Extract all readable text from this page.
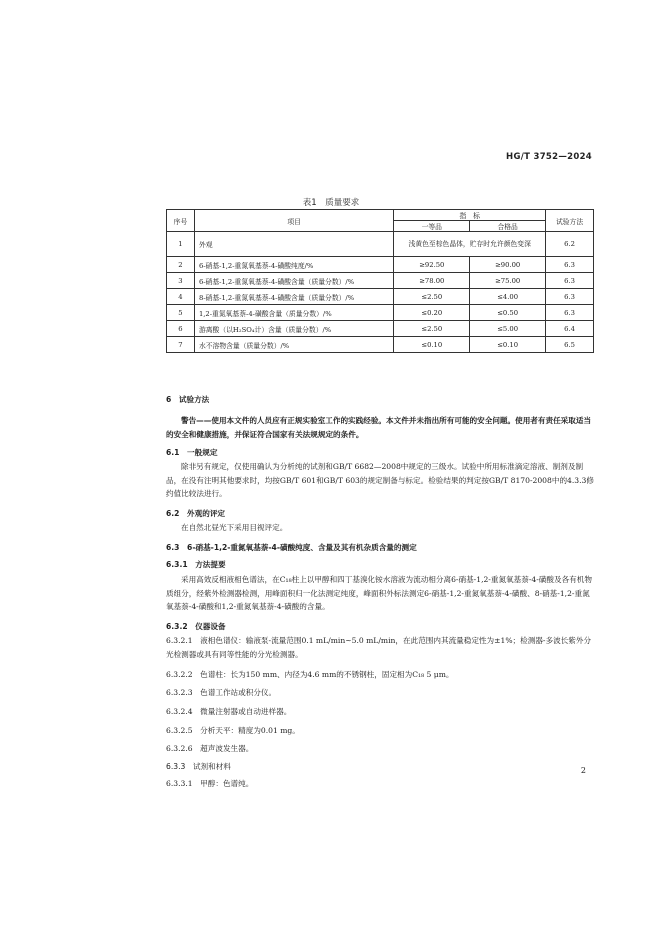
HG/T 3752—2024
表1　质量要求
序号	项目	指　标		试验方法
		一等品	合格品	
1	外观	浅黄色至棕色晶体，贮存时允许颜色变深		6.2
2	6-硝基-1,2-重氮氧基萘-4-磺酸纯度/%	≥92.50	≥90.00	6.3
3	6-硝基-1,2-重氮氧基萘-4-磺酸含量（质量分数）/%	≥78.00	≥75.00	6.3
4	8-硝基-1,2-重氮氧基萘-4-磺酸含量（质量分数）/%	≤2.50	≤4.00	6.3
5	1,2-重氮氧基萘-4-磺酸含量（质量分数）/%	≤0.20	≤0.50	6.3
6	游离酸（以H₂SO₄计）含量（质量分数）/%	≤2.50	≤5.00	6.4
7	水不溶物含量（质量分数）/%	≤0.10	≤0.10	6.5
6　试验方法
警告——使用本文件的人员应有正规实验室工作的实践经验。本文件并未指出所有可能的安全问题。使用者有责任采取适当的安全和健康措施，并保证符合国家有关法规规定的条件。
6.1　一般规定
除非另有规定，仅使用确认为分析纯的试剂和GB/T 6682—2008中规定的三级水。试验中所用标准滴定溶液、制剂及制品，在没有注明其他要求时，均按GB/T 601和GB/T 603的规定制备与标定。检验结果的判定按GB/T 8170-2008中的4.3.3修约值比较法进行。
6.2　外观的评定
在自然北昼光下采用目视评定。
6.3　6-硝基-1,2-重氮氧基萘-4-磺酸纯度、含量及其有机杂质含量的测定
6.3.1　方法提要
采用高效反相液相色谱法，在C₁₈柱上以甲醇和四丁基溴化铵水溶液为流动相分离6-硝基-1,2-重氮氧基萘-4-磺酸及各有机物质组分，经紫外检测器检测，用峰面积归一化法测定纯度，峰面积外标法测定6-硝基-1,2-重氮氧基萘-4-磺酸、8-硝基-1,2-重氮氧基萘-4-磺酸和1,2-重氮氧基萘-4-磺酸的含量。
6.3.2　仪器设备
6.3.2.1　液相色谱仪：输液泵-流量范围0.1 mL/min~5.0 mL/min，在此范围内其流量稳定性为±1%；检测器-多波长紫外分光检测器或具有同等性能的分光检测器。
6.3.2.2　色谱柱：长为150 mm、内径为4.6 mm的不锈钢柱，固定相为C₁₈ 5 μm。
6.3.2.3　色谱工作站或积分仪。
6.3.2.4　微量注射器或自动进样器。
6.3.2.5　分析天平：精度为0.01 mg。
6.3.2.6　超声波发生器。
6.3.3　试剂和材料
6.3.3.1　甲醇：色谱纯。
2
